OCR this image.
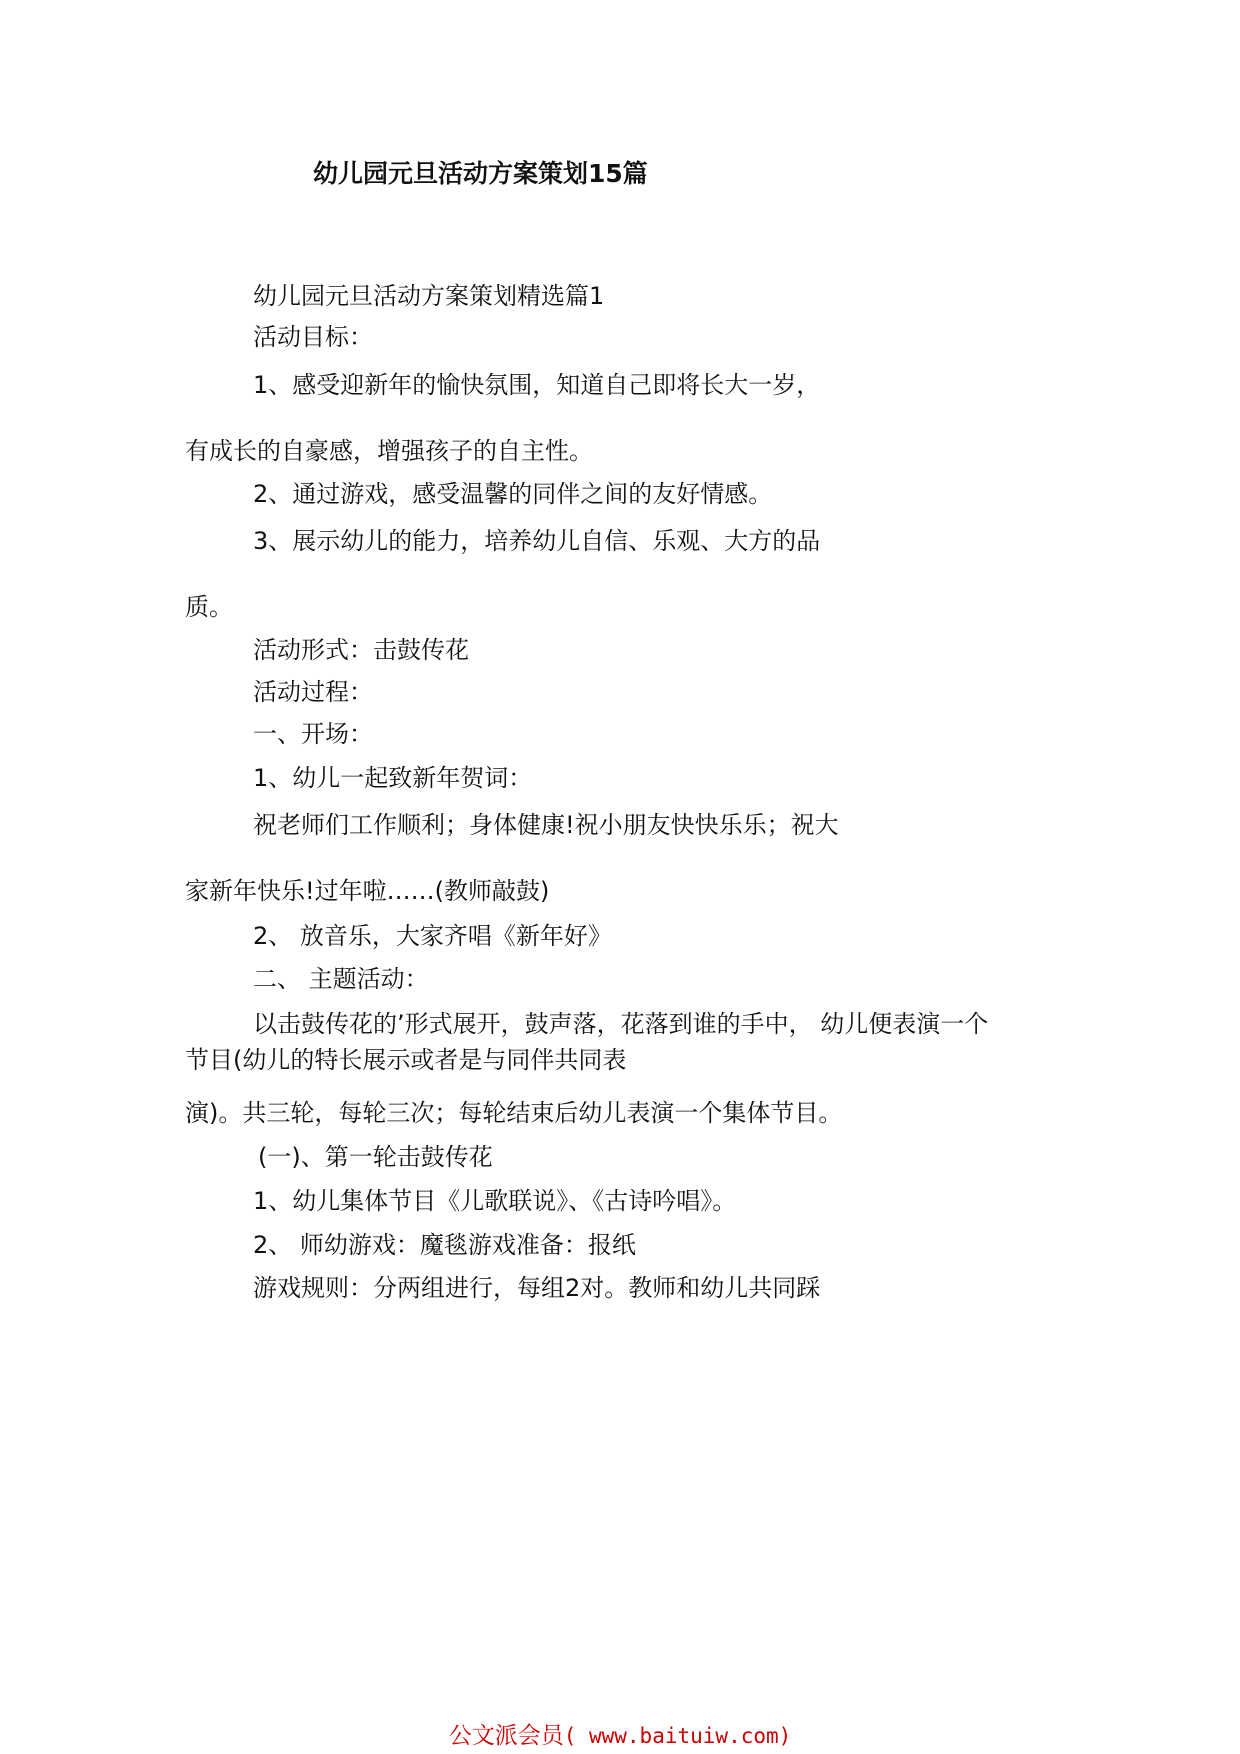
幼儿园元旦活动方案策划15篇
幼儿园元旦活动方案策划精选篇1
活动目标：
1、感受迎新年的愉快氛围，知道自己即将长大一岁，
有成长的自豪感，增强孩子的自主性。
2、通过游戏，感受温馨的同伴之间的友好情感。
3、展示幼儿的能力，培养幼儿自信、乐观、大方的品
质。
活动形式：击鼓传花
活动过程：
一、开场：
1、幼儿一起致新年贺词：
祝老师们工作顺利；身体健康!祝小朋友快快乐乐；祝大
家新年快乐!过年啦……(教师敲鼓)
2、 放音乐，大家齐唱《新年好》
二、 主题活动：
以击鼓传花的’形式展开，鼓声落，花落到谁的手中， 幼儿便表演一个
节目(幼儿的特长展示或者是与同伴共同表
演)。共三轮，每轮三次；每轮结束后幼儿表演一个集体节目。
(一)、第一轮击鼓传花
1、幼儿集体节目《儿歌联说》、《古诗吟唱》。
2、 师幼游戏：魔毯游戏准备：报纸
游戏规则：分两组进行，每组2对。教师和幼儿共同踩
公文派会员( www.baituiw.com)
